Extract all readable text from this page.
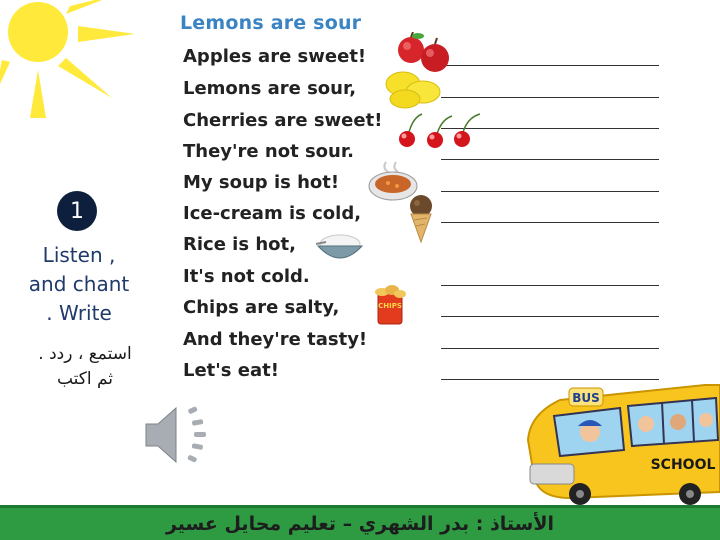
1
Listen ,
and chant
. Write
استمع ، ردد .
ثم اكتب
Lemons are sour
Apples are sweet!
Lemons are sour,
Cherries are sweet!
They're not sour.
My soup is hot!
Ice-cream is cold,
Rice is hot,
It's not cold.
Chips are salty,
And they're tasty!
Let's eat!
CHIPS
BUS
SCHOOL
الأستاذ : بدر الشهري – تعليم محايل عسير
